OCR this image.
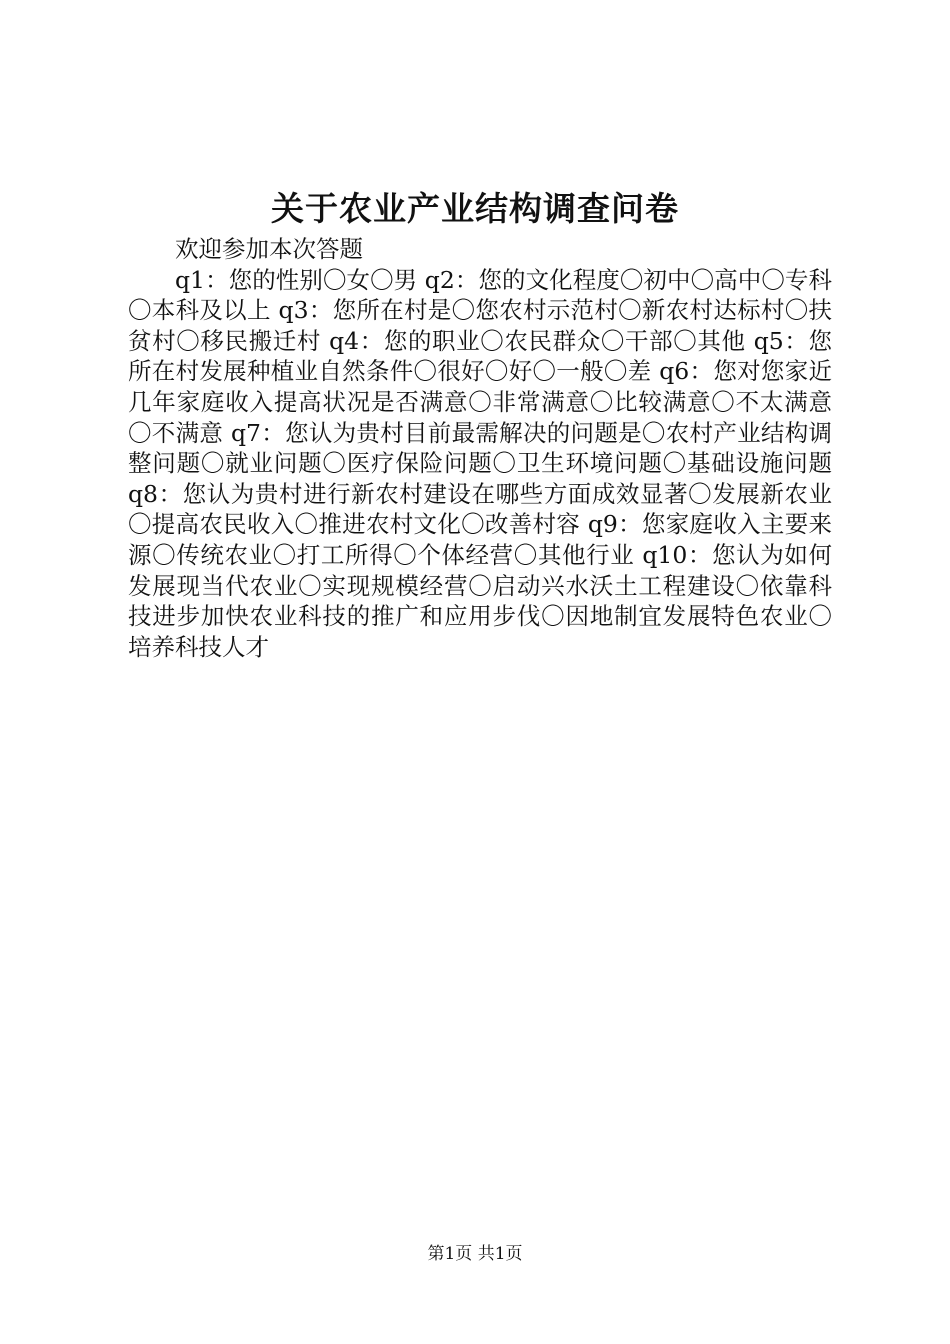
关于农业产业结构调查问卷

欢迎参加本次答题

q1：您的性别〇女〇男 q2：您的文化程度〇初中〇高中〇专科〇本科及以上 q3：您所在村是〇您农村示范村〇新农村达标村〇扶贫村〇移民搬迁村 q4：您的职业〇农民群众〇干部〇其他 q5：您所在村发展种植业自然条件〇很好〇好〇一般〇差 q6：您对您家近几年家庭收入提高状况是否满意〇非常满意〇比较满意〇不太满意〇不满意 q7：您认为贵村目前最需解决的问题是〇农村产业结构调整问题〇就业问题〇医疗保险问题〇卫生环境问题〇基础设施问题 q8：您认为贵村进行新农村建设在哪些方面成效显著〇发展新农业〇提高农民收入〇推进农村文化〇改善村容 q9：您家庭收入主要来源〇传统农业〇打工所得〇个体经营〇其他行业 q10：您认为如何发展现当代农业〇实现规模经营〇启动兴水沃土工程建设〇依靠科技进步加快农业科技的推广和应用步伐〇因地制宜发展特色农业〇培养科技人才

第1页 共1页
